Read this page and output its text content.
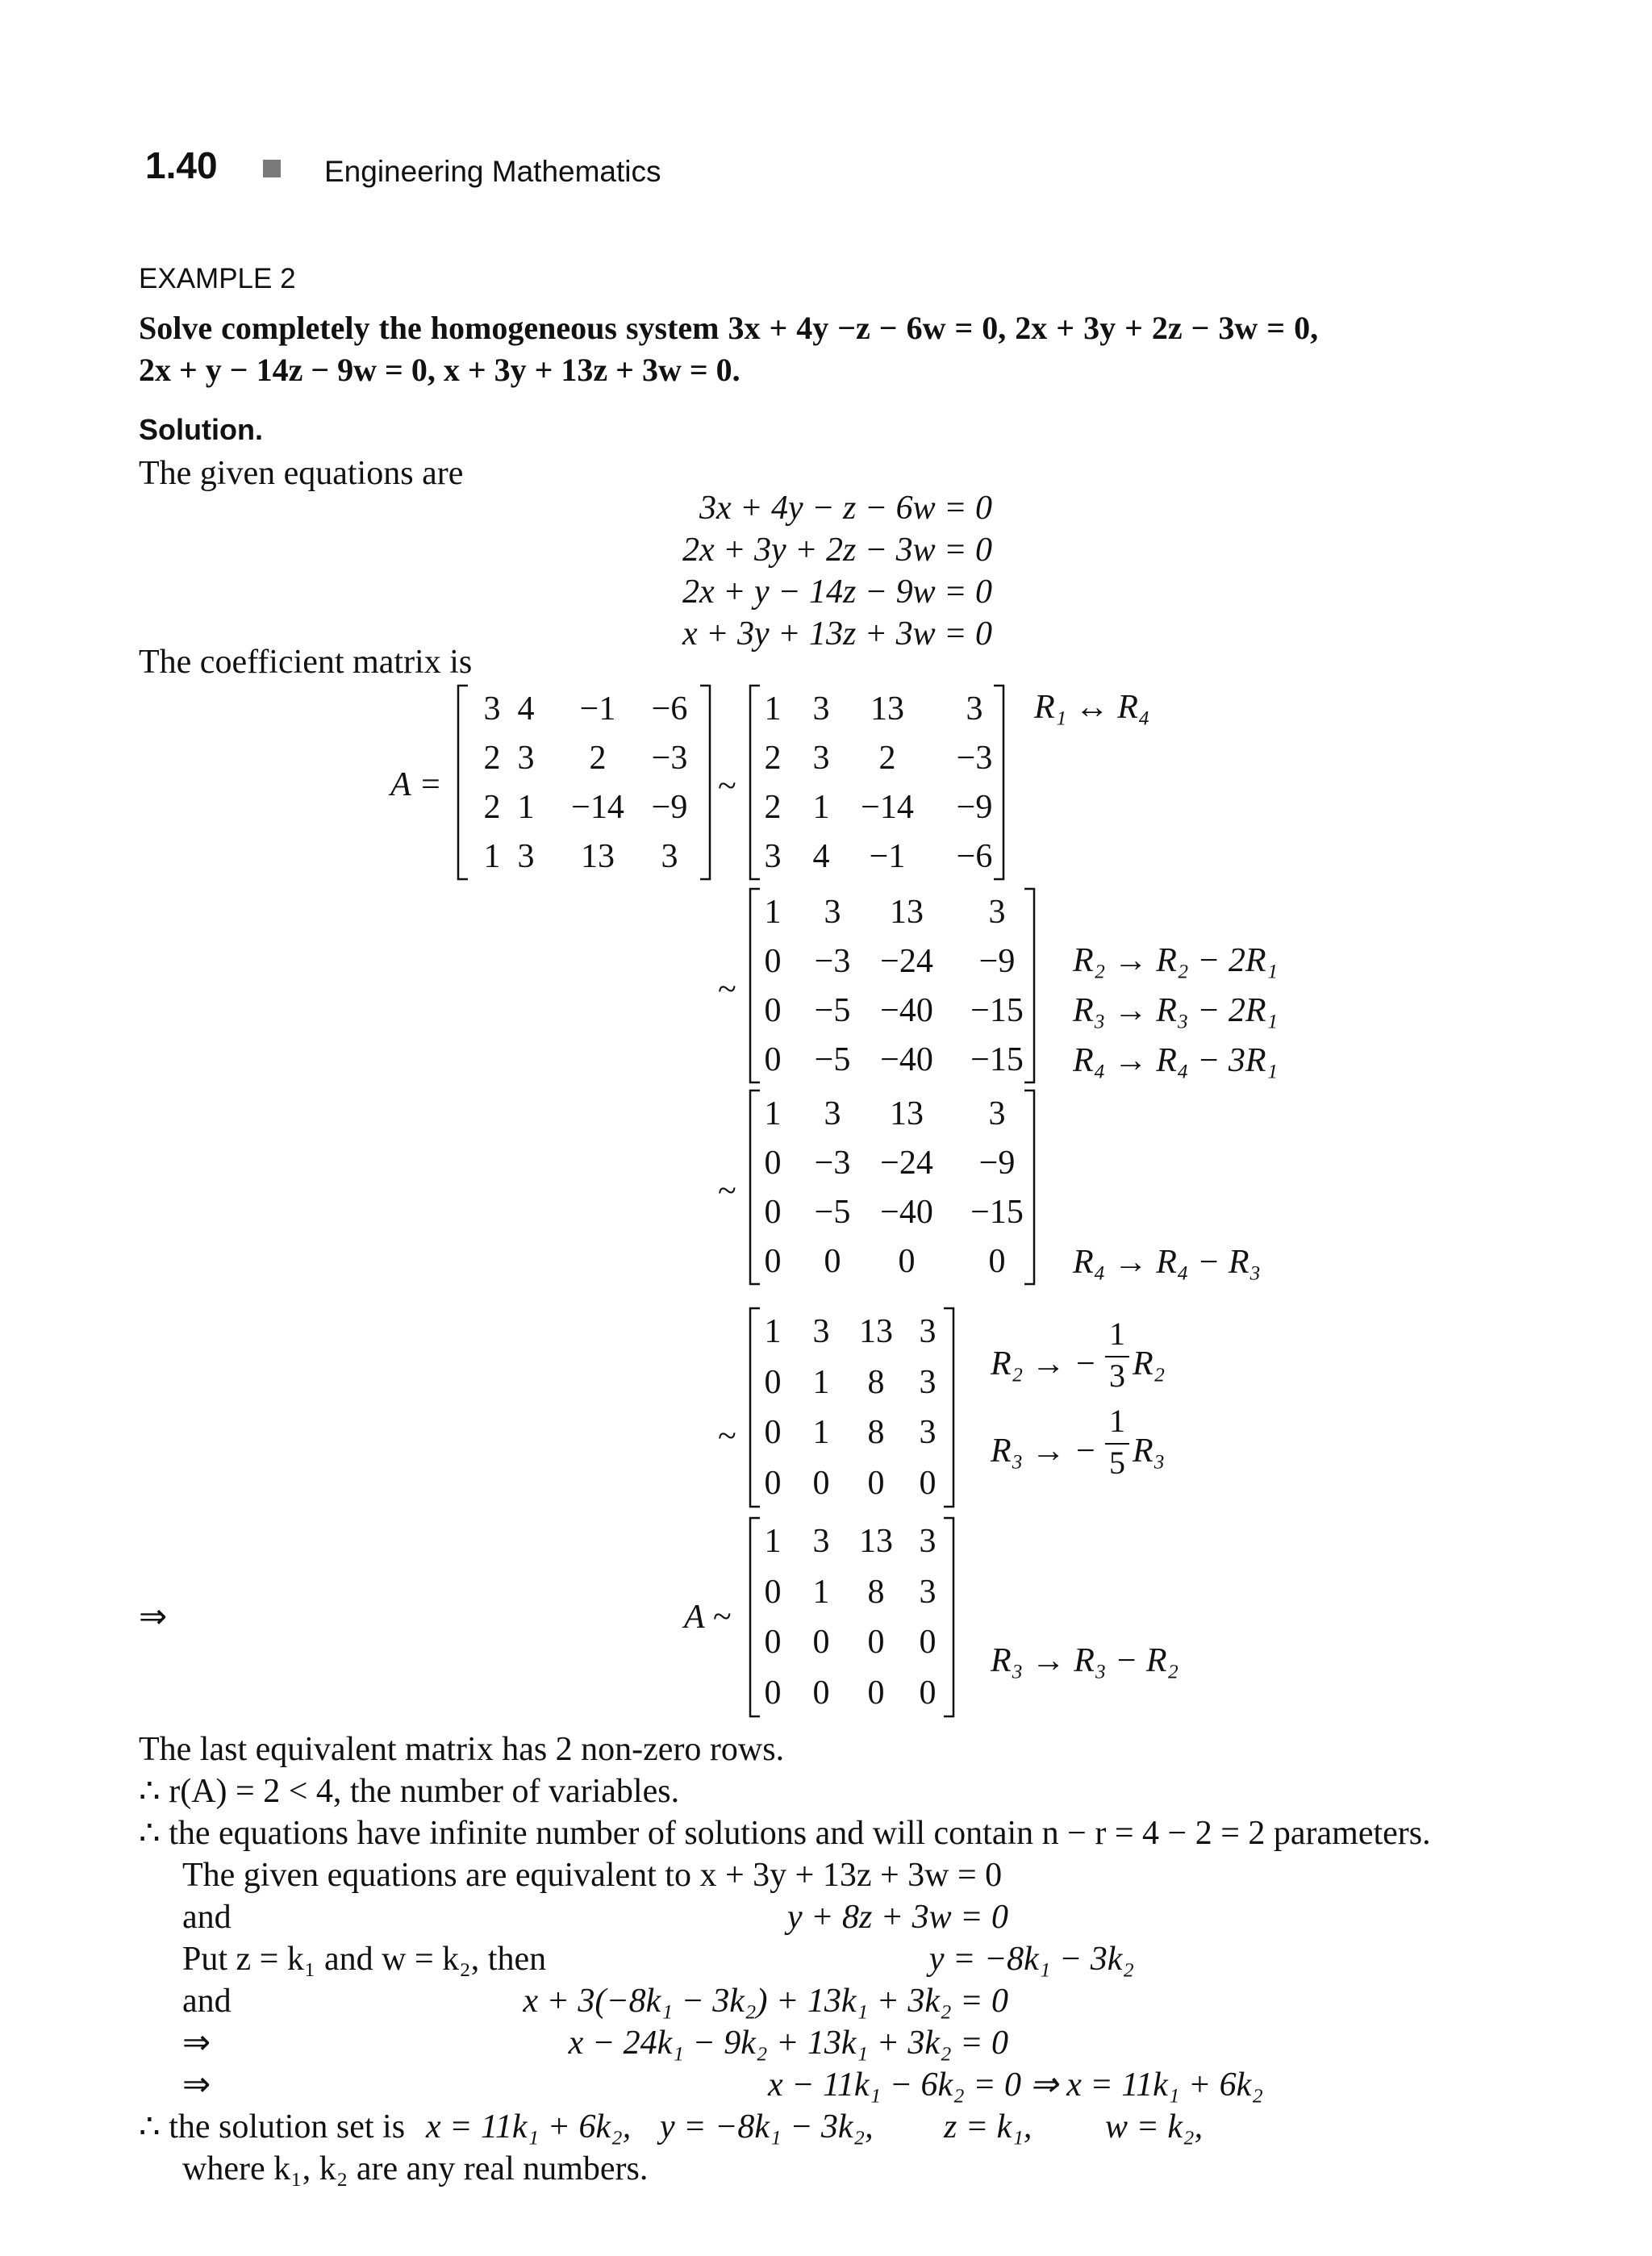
1.40	Engineering Mathematics
EXAMPLE 2
Solve completely the homogeneous system 3x + 4y −z − 6w = 0, 2x + 3y + 2z − 3w = 0,
2x + y − 14z − 9w = 0, x + 3y + 13z + 3w = 0.
Solution.
The given equations are
3x + 4y − z − 6w = 0
2x + 3y + 2z − 3w = 0
2x + y − 14z − 9w = 0
x + 3y + 13z + 3w = 0
The coefficient matrix is
A =
3 4 −1 −6
2 3 2 −3
2 1 −14 −9
1 3 13 3
~
1 3 13 3
2 3 2 −3
2 1 −14 −9
3 4 −1 −6
R₁ ↔ R₄
~
1 3 13 3
0 −3 −24 −9
0 −5 −40 −15
0 −5 −40 −15
R₂ → R₂ − 2R₁
R₃ → R₃ − 2R₁
R₄ → R₄ − 3R₁
~
1 3 13 3
0 −3 −24 −9
0 −5 −40 −15
0 0 0 0 R₄ → R₄ − R₃
~
1 3 13 3
0 1 8 3
0 1 8 3
0 0 0 0
R₂ → −
1
3 R₂
R₃ → −
1
5 R₃
⇒	A ~
1 3 13 3
0 1 8 3
0 0 0 0
0 0 0 0
R₃ → R₃ − R₂
The last equivalent matrix has 2 non-zero rows.
∴ r(A) = 2 < 4, the number of variables.
∴ the equations have infinite number of solutions and will contain n − r = 4 − 2 = 2 parameters.
The given equations are equivalent to x + 3y + 13z + 3w = 0
and	y + 8z + 3w = 0
Put z = k₁ and w = k₂, then	y = −8k₁ − 3k₂
and	x + 3(−8k₁ − 3k₂) + 13k₁ + 3k₂ = 0
⇒	x − 24k₁ − 9k₂ + 13k₁ + 3k₂ = 0
⇒	x − 11k₁ − 6k₂ = 0 ⇒ x = 11k₁ + 6k₂
∴ the solution set is x = 11k₁ + 6k₂, y = −8k₁ − 3k₂, z = k₁, w = k₂,
where k₁, k₂ are any real numbers.
